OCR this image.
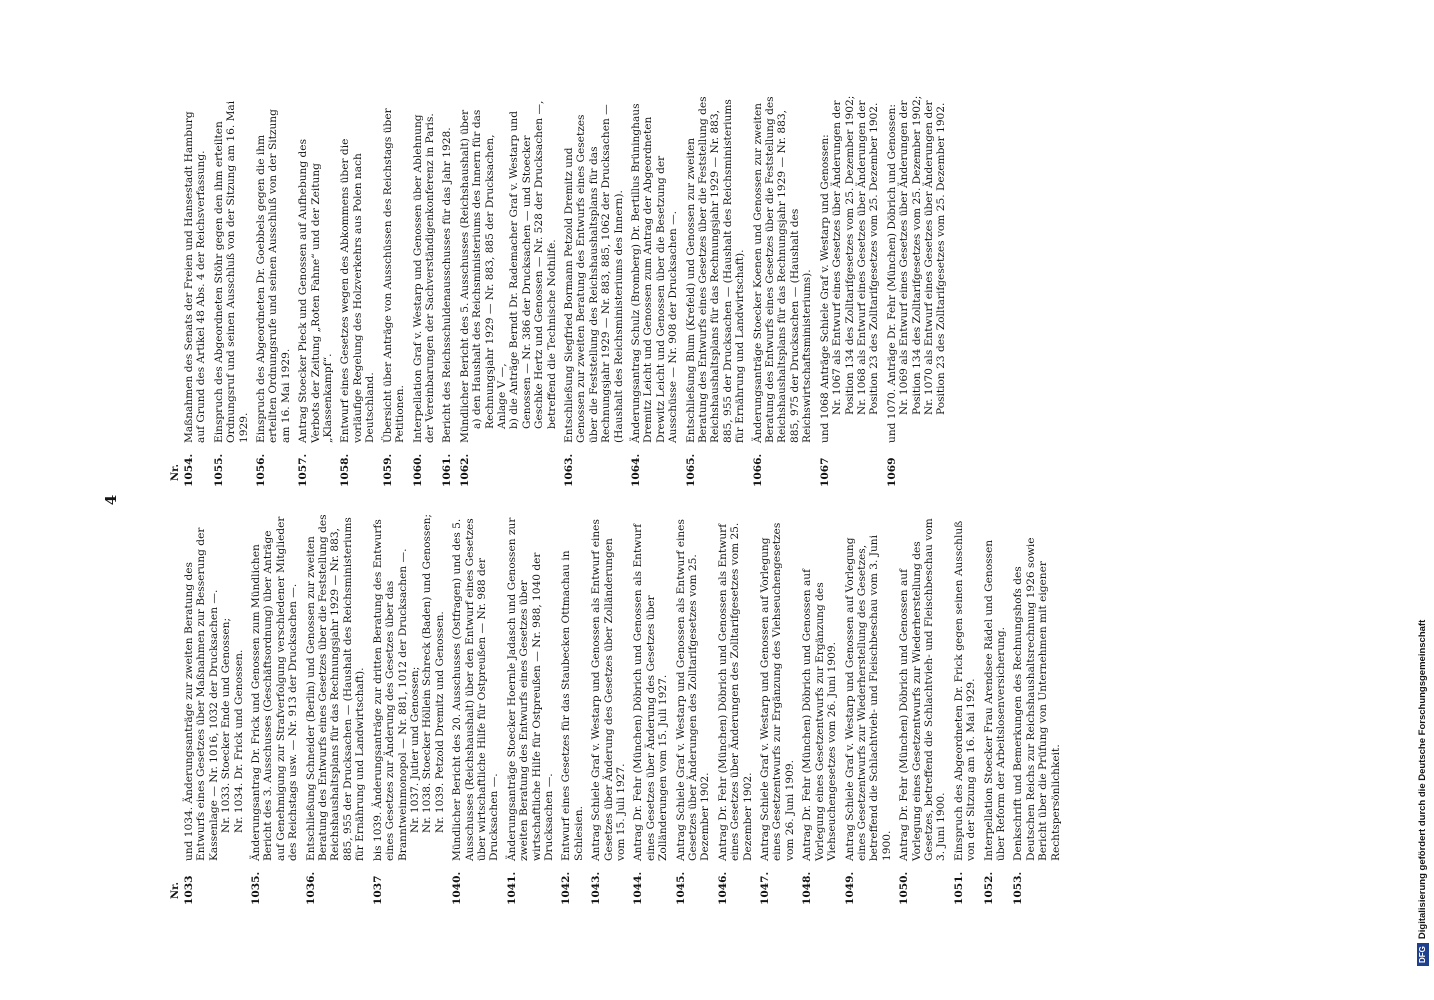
4
Nr. 1033
und 1034. Änderungsanträge zur zweiten Beratung des Entwurfs eines Gesetzes über Maßnahmen zur Besserung der Kassenlage — Nr. 1016, 1032 der Drucksachen —. Nr. 1033. Stoecker Ende und Genossen; Nr. 1034. Dr. Frick und Genossen.
1035.
Änderungsantrag Dr. Frick und Genossen zum Mündlichen Bericht des 3. Ausschusses (Geschäftsordnung) über Anträge auf Genehmigung zur Strafverfolgung verschiedener Mitglieder des Reichstags usw. — Nr. 913 der Drucksachen —.
1036.
Entschließung Schneider (Berlin) und Genossen zur zweiten Beratung des Entwurfs eines Gesetzes über die Feststellung des Reichshaushaltsplans für das Rechnungsjahr 1929 — Nr. 883, 885, 955 der Drucksachen — (Haushalt des Reichsministeriums für Ernährung und Landwirtschaft).
1037
bis 1039. Änderungsanträge zur dritten Beratung des Entwurfs eines Gesetzes zur Änderung des Gesetzes über das Branntweinmonopol — Nr. 881, 1012 der Drucksachen —. Nr. 1037. Jutier und Genossen; Nr. 1038. Stoecker Höllein Schreck (Baden) und Genossen; Nr. 1039. Petzold Dremitz und Genossen.
1040.
Mündlicher Bericht des 20. Ausschusses (Ostfragen) und des 5. Ausschusses (Reichshaushalt) über den Entwurf eines Gesetzes über wirtschaftliche Hilfe für Ostpreußen — Nr. 988 der Drucksachen —.
1041.
Änderungsanträge Stoecker Hoernle Jadasch und Genossen zur zweiten Beratung des Entwurfs eines Gesetzes über wirtschaftliche Hilfe für Ostpreußen — Nr. 988, 1040 der Drucksachen —.
1042.
Entwurf eines Gesetzes für das Staubecken Ottmachau in Schlesien.
1043.
Antrag Schiele Graf v. Westarp und Genossen als Entwurf eines Gesetzes über Änderung des Gesetzes über Zolländerungen vom 15. Juli 1927.
1044.
Antrag Dr. Fehr (München) Döbrich und Genossen als Entwurf eines Gesetzes über Änderung des Gesetzes über Zolländerungen vom 15. Juli 1927.
1045.
Antrag Schiele Graf v. Westarp und Genossen als Entwurf eines Gesetzes über Änderungen des Zolltarifgesetzes vom 25. Dezember 1902.
1046.
Antrag Dr. Fehr (München) Döbrich und Genossen als Entwurf eines Gesetzes über Änderungen des Zolltarifgesetzes vom 25. Dezember 1902.
1047.
Antrag Schiele Graf v. Westarp und Genossen auf Vorlegung eines Gesetzentwurfs zur Ergänzung des Viehseuchengesetzes vom 26. Juni 1909.
1048.
Antrag Dr. Fehr (München) Döbrich und Genossen auf Vorlegung eines Gesetzentwurfs zur Ergänzung des Viehseuchengesetzes vom 26. Juni 1909.
1049.
Antrag Schiele Graf v. Westarp und Genossen auf Vorlegung eines Gesetzentwurfs zur Wiederherstellung des Gesetzes, betreffend die Schlachtvieh- und Fleischbeschau vom 3. Juni 1900.
1050.
Antrag Dr. Fehr (München) Döbrich und Genossen auf Vorlegung eines Gesetzentwurfs zur Wiederherstellung des Gesetzes, betreffend die Schlachtvieh- und Fleischbeschau vom 3. Juni 1900.
1051.
Einspruch des Abgeordneten Dr. Frick gegen seinen Ausschluß von der Sitzung am 16. Mai 1929.
1052.
Interpellation Stoecker Frau Arendsee Rädel und Genossen über Reform der Arbeitslosenversicherung.
1053.
Denkschrift und Bemerkungen des Rechnungshofs des Deutschen Reichs zur Reichshaushaltsrechnung 1926 sowie Bericht über die Prüfung von Unternehmen mit eigener Rechtspersönlichkeit.
Nr. 1054.
Maßnahmen des Senats der Freien und Hansestadt Hamburg auf Grund des Artikel 48 Abs. 4 der Reichsverfassung.
1055.
Einspruch des Abgeordneten Stöhr gegen den ihm erteilten Ordnungsruf und seinen Ausschluß von der Sitzung am 16. Mai 1929.
1056.
Einspruch des Abgeordneten Dr. Goebbels gegen die ihm erteilten Ordnungsrufe und seinen Ausschluß von der Sitzung am 16. Mai 1929.
1057.
Antrag Stoecker Pieck und Genossen auf Aufhebung des Verbots der Zeitung „Roten Fahne“ und der Zeitung „Klassenkampf“.
1058.
Entwurf eines Gesetzes wegen des Abkommens über die vorläufige Regelung des Holzverkehrs aus Polen nach Deutschland.
1059.
Übersicht über Anträge von Ausschüssen des Reichstags über Petitionen.
1060.
Interpellation Graf v. Westarp und Genossen über Ablehnung der Vereinbarungen der Sachverständigenkonferenz in Paris.
1061.
Bericht des Reichsschuldenausschusses für das Jahr 1928.
1062.
Mündlicher Bericht des 5. Ausschusses (Reichshaushalt) über a) den Haushalt des Reichsministeriums des Innern für das Rechnungsjahr 1929 — Nr. 883, 885 der Drucksachen, Anlage V —, b) die Anträge Berndt Dr. Rademacher Graf v. Westarp und Genossen — Nr. 386 der Drucksachen — und Stoecker Geschke Hertz und Genossen — Nr. 528 der Drucksachen —, betreffend die Technische Nothilfe.
1063.
Entschließung Siegfried Bormann Petzold Dremitz und Genossen zur zweiten Beratung des Entwurfs eines Gesetzes über die Feststellung des Reichshaushaltsplans für das Rechnungsjahr 1929 — Nr. 883, 885, 1062 der Drucksachen — (Haushalt des Reichsministeriums des Innern).
1064.
Änderungsantrag Schulz (Bromberg) Dr. Bertillus Brüninghaus Dremitz Leicht und Genossen zum Antrag der Abgeordneten Drewitz Leicht und Genossen über die Besetzung der Ausschüsse — Nr. 908 der Drucksachen —.
1065.
Entschließung Blum (Krefeld) und Genossen zur zweiten Beratung des Entwurfs eines Gesetzes über die Feststellung des Reichshaushaltsplans für das Rechnungsjahr 1929 — Nr. 883, 885, 955 der Drucksachen — (Haushalt des Reichsministeriums für Ernährung und Landwirtschaft).
1066.
Änderungsanträge Stoecker Koenen und Genossen zur zweiten Beratung des Entwurfs eines Gesetzes über die Feststellung des Reichshaushaltsplans für das Rechnungsjahr 1929 — Nr. 883, 885, 975 der Drucksachen — (Haushalt des Reichswirtschaftsministeriums).
1067
und 1068 Anträge Schiele Graf v. Westarp und Genossen: Nr. 1067 als Entwurf eines Gesetzes über Änderungen der Position 134 des Zolltarifgesetzes vom 25. Dezember 1902; Nr. 1068 als Entwurf eines Gesetzes über Änderungen der Position 23 des Zolltarifgesetzes vom 25. Dezember 1902.
1069
und 1070. Anträge Dr. Fehr (München) Döbrich und Genossen: Nr. 1069 als Entwurf eines Gesetzes über Änderungen der Position 134 des Zolltarifgesetzes vom 25. Dezember 1902; Nr. 1070 als Entwurf eines Gesetzes über Änderungen der Position 23 des Zolltarifgesetzes vom 25. Dezember 1902.
DFGDigitalisierung gefördert durch die Deutsche Forschungsgemeinschaft
